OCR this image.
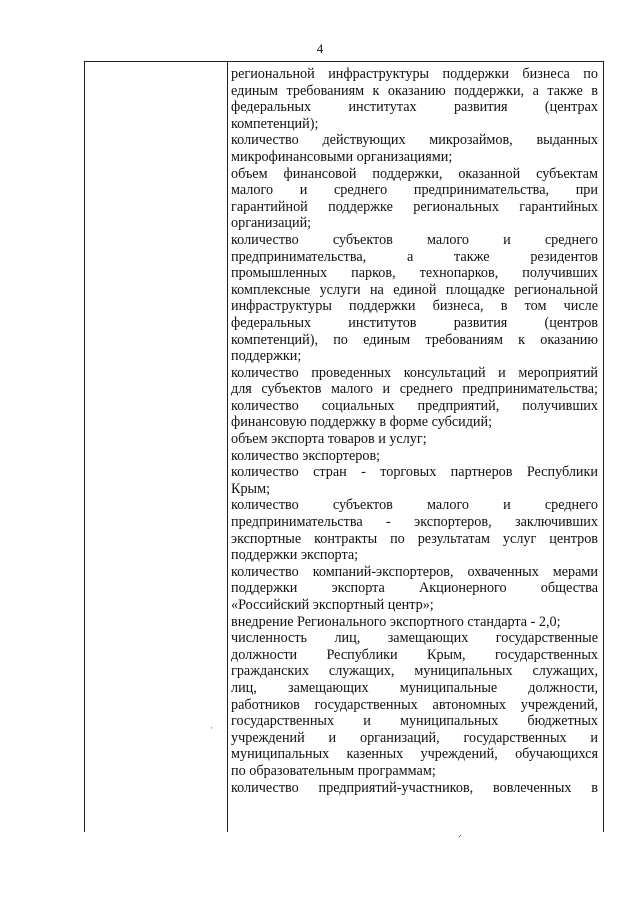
4
региональной инфраструктуры поддержки бизнеса по
единым требованиям к оказанию поддержки, а также в
федеральных институтах развития (центрах
компетенций);
количество действующих микрозаймов, выданных
микрофинансовыми организациями;
объем финансовой поддержки, оказанной субъектам
малого и среднего предпринимательства, при
гарантийной поддержке региональных гарантийных
организаций;
количество субъектов малого и среднего
предпринимательства, а также резидентов
промышленных парков, технопарков, получивших
комплексные услуги на единой площадке региональной
инфраструктуры поддержки бизнеса, в том числе
федеральных институтов развития (центров
компетенций), по единым требованиям к оказанию
поддержки;
количество проведенных консультаций и мероприятий
для субъектов малого и среднего предпринимательства;
количество социальных предприятий, получивших
финансовую поддержку в форме субсидий;
объем экспорта товаров и услуг;
количество экспортеров;
количество стран - торговых партнеров Республики
Крым;
количество субъектов малого и среднего
предпринимательства - экспортеров, заключивших
экспортные контракты по результатам услуг центров
поддержки экспорта;
количество компаний-экспортеров, охваченных мерами
поддержки экспорта Акционерного общества
«Российский экспортный центр»;
внедрение Регионального экспортного стандарта - 2,0;
численность лиц, замещающих государственные
должности Республики Крым, государственных
гражданских служащих, муниципальных служащих,
лиц, замещающих муниципальные должности,
работников государственных автономных учреждений,
государственных и муниципальных бюджетных
учреждений и организаций, государственных и
муниципальных казенных учреждений, обучающихся
по образовательным программам;
количество предприятий-участников, вовлеченных в
·
ᐟ
